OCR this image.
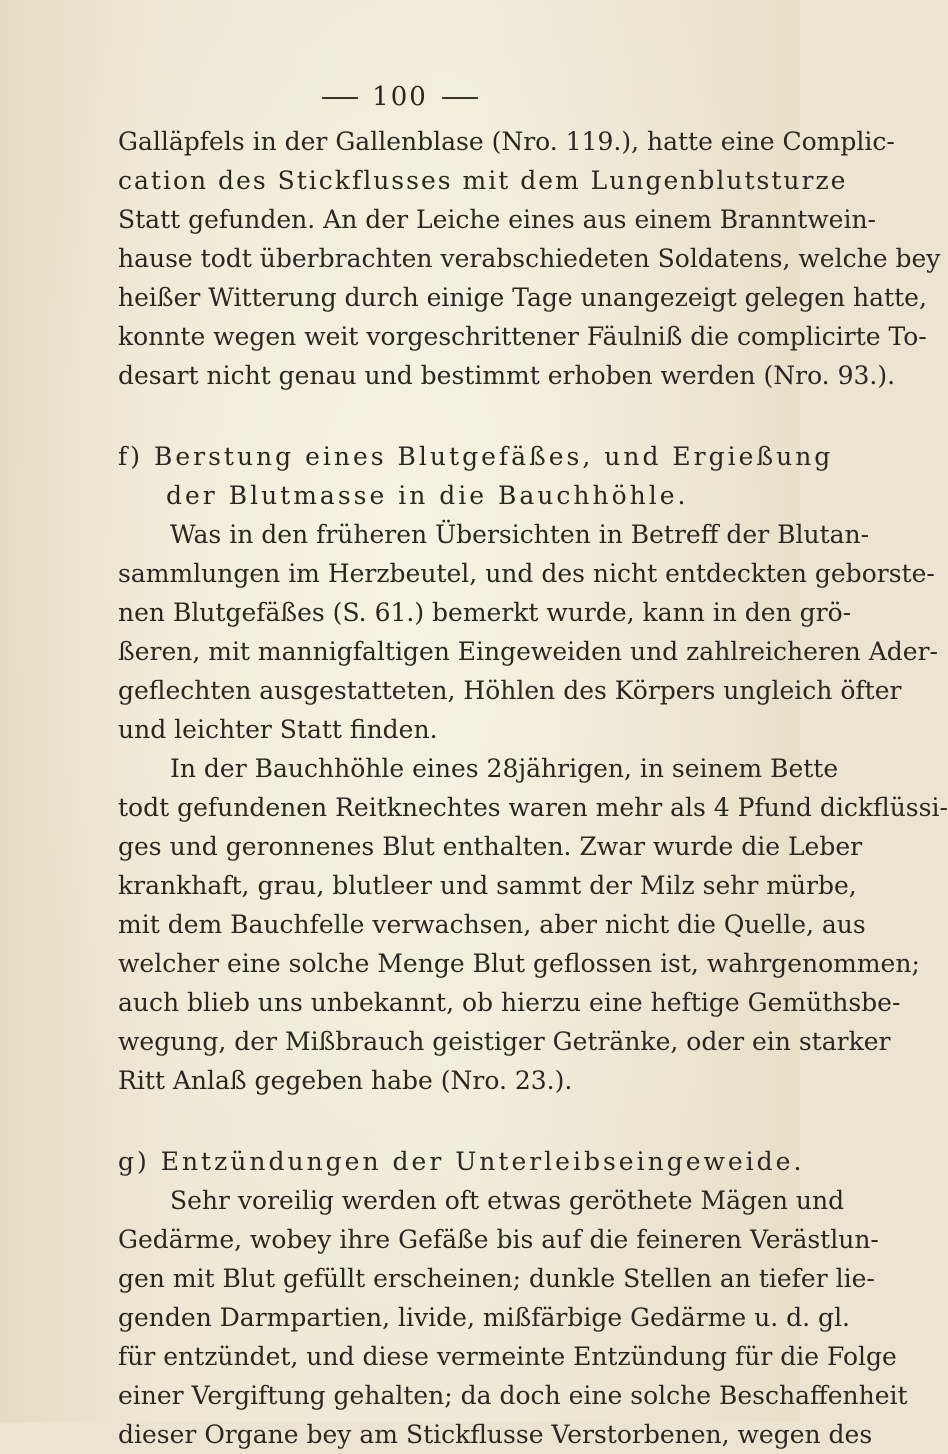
100
Galläpfels in der Gallenblase (Nro. 119.), hatte eine Complic-
cation des Stickflusses mit dem Lungenblutsturze
Statt gefunden. An der Leiche eines aus einem Branntwein-
hause todt überbrachten verabschiedeten Soldatens, welche bey
heißer Witterung durch einige Tage unangezeigt gelegen hatte,
konnte wegen weit vorgeschrittener Fäulniß die complicirte To-
desart nicht genau und bestimmt erhoben werden (Nro. 93.).
f) Berstung eines Blutgefäßes, und Ergießung
der Blutmasse in die Bauchhöhle.
Was in den früheren Übersichten in Betreff der Blutan-
sammlungen im Herzbeutel, und des nicht entdeckten geborste-
nen Blutgefäßes (S. 61.) bemerkt wurde, kann in den grö-
ßeren, mit mannigfaltigen Eingeweiden und zahlreicheren Ader-
geflechten ausgestatteten, Höhlen des Körpers ungleich öfter
und leichter Statt finden.
In der Bauchhöhle eines 28jährigen, in seinem Bette
todt gefundenen Reitknechtes waren mehr als 4 Pfund dickflüssi-
ges und geronnenes Blut enthalten. Zwar wurde die Leber
krankhaft, grau, blutleer und sammt der Milz sehr mürbe,
mit dem Bauchfelle verwachsen, aber nicht die Quelle, aus
welcher eine solche Menge Blut geflossen ist, wahrgenommen;
auch blieb uns unbekannt, ob hierzu eine heftige Gemüthsbe-
wegung, der Mißbrauch geistiger Getränke, oder ein starker
Ritt Anlaß gegeben habe (Nro. 23.).
g) Entzündungen der Unterleibseingeweide.
Sehr voreilig werden oft etwas geröthete Mägen und
Gedärme, wobey ihre Gefäße bis auf die feineren Verästlun-
gen mit Blut gefüllt erscheinen; dunkle Stellen an tiefer lie-
genden Darmpartien, livide, mißfärbige Gedärme u. d. gl.
für entzündet, und diese vermeinte Entzündung für die Folge
einer Vergiftung gehalten; da doch eine solche Beschaffenheit
dieser Organe bey am Stickflusse Verstorbenen, wegen des
